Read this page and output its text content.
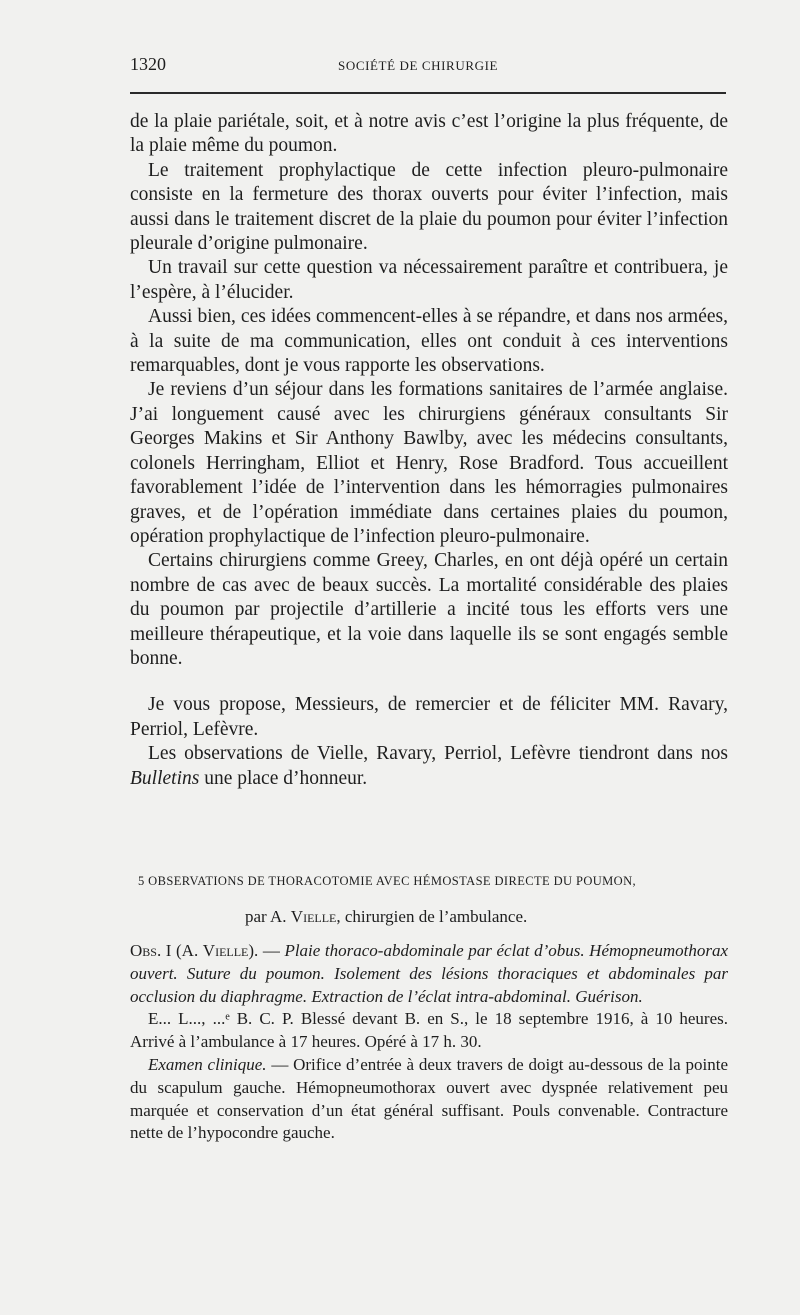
1320	SOCIÉTÉ DE CHIRURGIE

de la plaie pariétale, soit, et à notre avis c’est l’origine la plus fréquente, de la plaie même du poumon.

Le traitement prophylactique de cette infection pleuro-pulmonaire consiste en la fermeture des thorax ouverts pour éviter l’infection, mais aussi dans le traitement discret de la plaie du poumon pour éviter l’infection pleurale d’origine pulmonaire.

Un travail sur cette question va nécessairement paraître et contribuera, je l’espère, à l’élucider.

Aussi bien, ces idées commencent-elles à se répandre, et dans nos armées, à la suite de ma communication, elles ont conduit à ces interventions remarquables, dont je vous rapporte les observations.

Je reviens d’un séjour dans les formations sanitaires de l’armée anglaise. J’ai longuement causé avec les chirurgiens généraux consultants Sir Georges Makins et Sir Anthony Bawlby, avec les médecins consultants, colonels Herringham, Elliot et Henry, Rose Bradford. Tous accueillent favorablement l’idée de l’intervention dans les hémorragies pulmonaires graves, et de l’opération immédiate dans certaines plaies du poumon, opération prophylactique de l’infection pleuro-pulmonaire.

Certains chirurgiens comme Greey, Charles, en ont déjà opéré un certain nombre de cas avec de beaux succès. La mortalité considérable des plaies du poumon par projectile d’artillerie a incité tous les efforts vers une meilleure thérapeutique, et la voie dans laquelle ils se sont engagés semble bonne.

Je vous propose, Messieurs, de remercier et de féliciter MM. Ravary, Perriol, Lefèvre.

Les observations de Vielle, Ravary, Perriol, Lefèvre tiendront dans nos Bulletins une place d’honneur.

5 OBSERVATIONS DE THORACOTOMIE AVEC HÉMOSTASE DIRECTE DU POUMON,

par A. Vielle, chirurgien de l’ambulance.

Obs. I (A. Vielle). — Plaie thoraco-abdominale par éclat d’obus. Hémopneumothorax ouvert. Suture du poumon. Isolement des lésions thoraciques et abdominales par occlusion du diaphragme. Extraction de l’éclat intra-abdominal. Guérison.

E... L..., ...ᵉ B. C. P. Blessé devant B. en S., le 18 septembre 1916, à 10 heures. Arrivé à l’ambulance à 17 heures. Opéré à 17 h. 30.

Examen clinique. — Orifice d’entrée à deux travers de doigt au-dessous de la pointe du scapulum gauche. Hémopneumothorax ouvert avec dyspnée relativement peu marquée et conservation d’un état général suffisant. Pouls convenable. Contracture nette de l’hypocondre gauche.
